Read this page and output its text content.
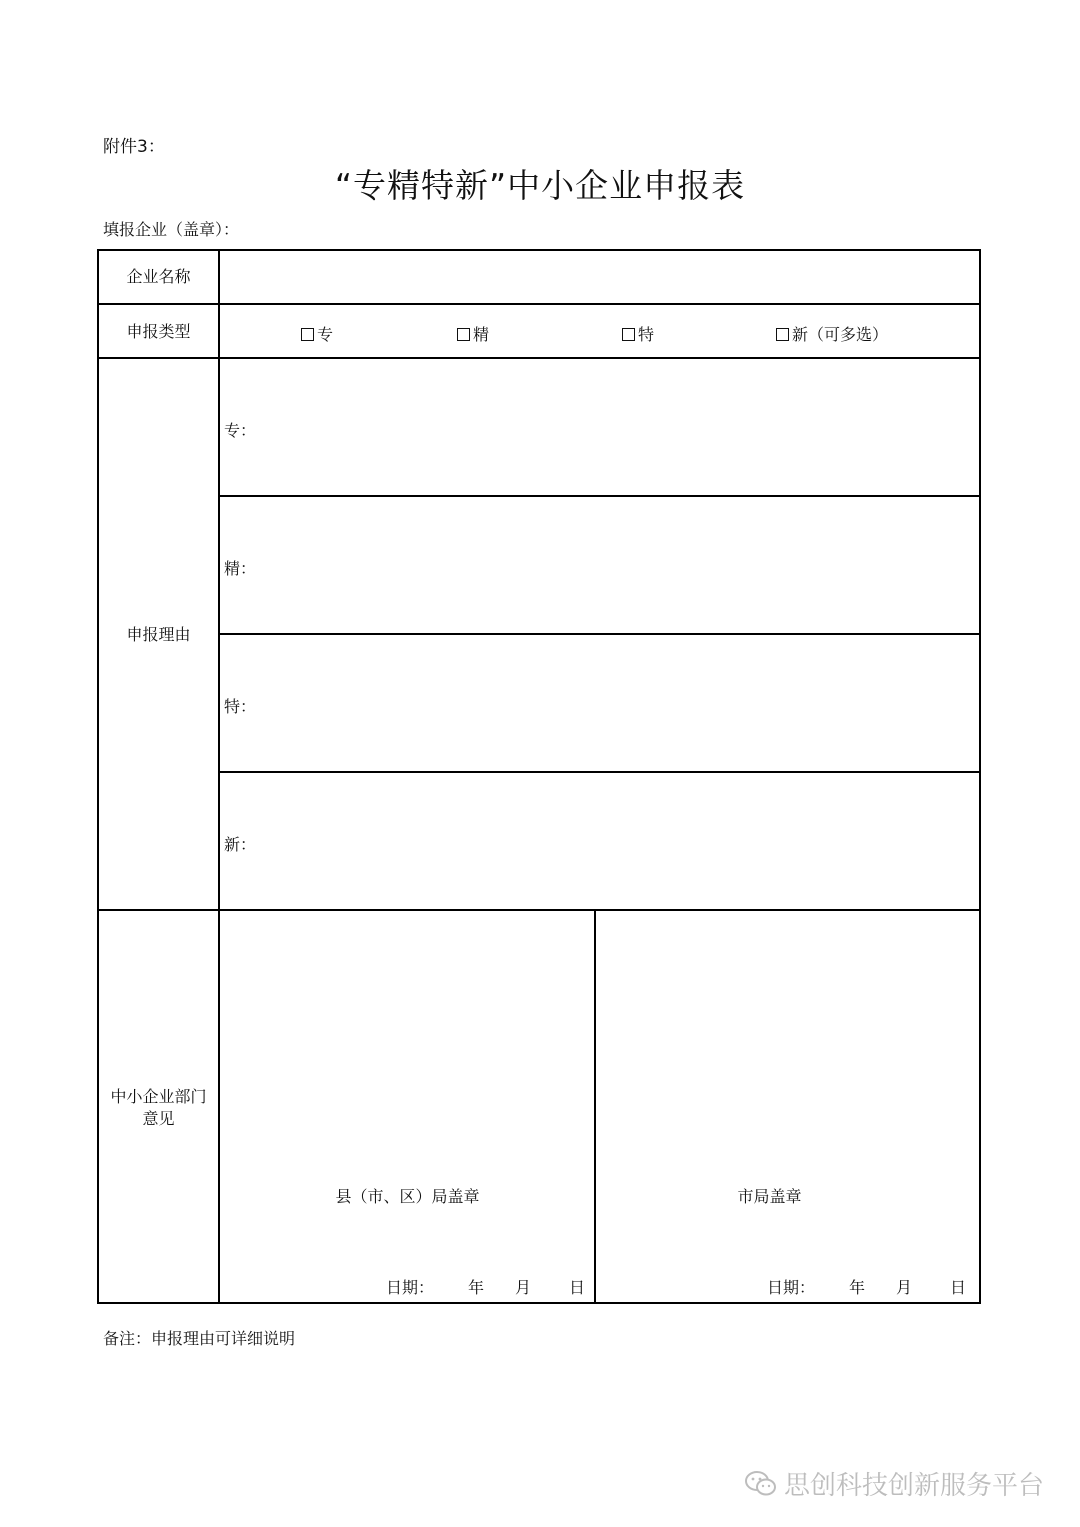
附件3：
“专精特新”中小企业申报表
填报企业（盖章）：
企业名称
申报类型	专	精	特	新（可多选）
申报理由
专：
精：
特：
新：
中小企业部门
意见
县（市、区）局盖章	市局盖章
日期： 年 月 日	日期： 年 月 日
备注：申报理由可详细说明
思创科技创新服务平台
